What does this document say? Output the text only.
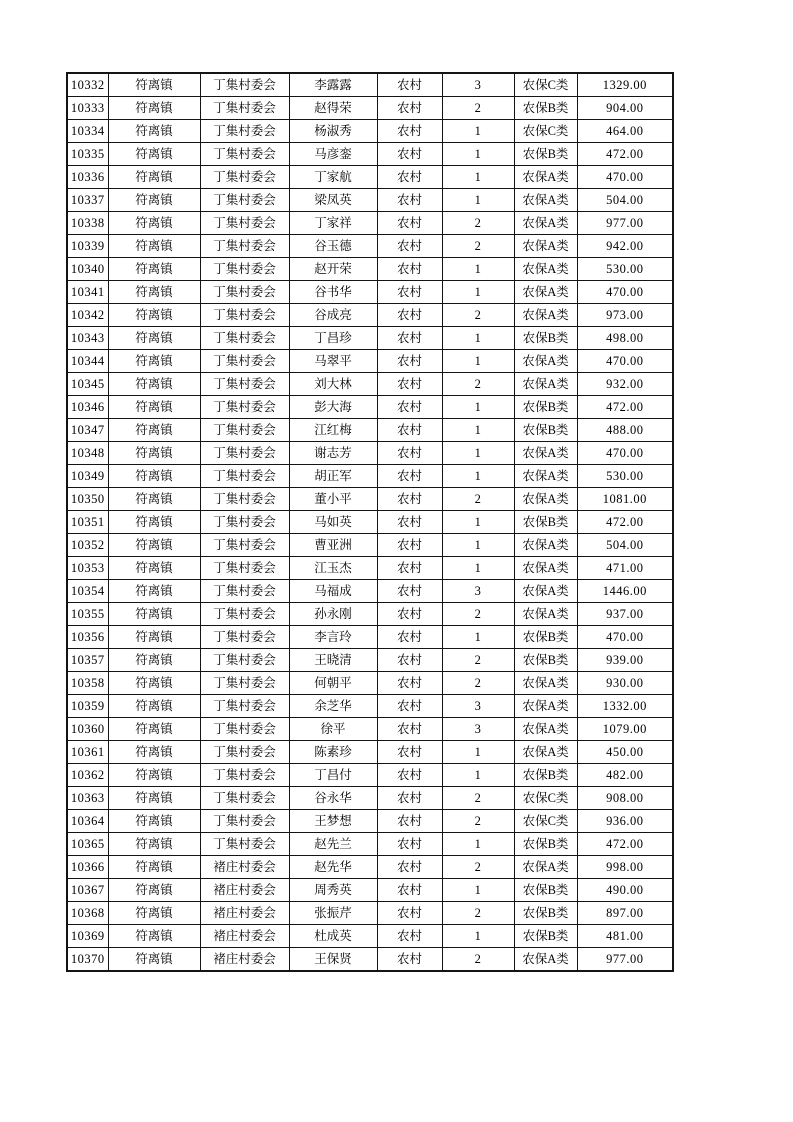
10332	符离镇	丁集村委会	李露露	农村	3	农保C类	1329.00
10333	符离镇	丁集村委会	赵得荣	农村	2	农保B类	904.00
10334	符离镇	丁集村委会	杨淑秀	农村	1	农保C类	464.00
10335	符离镇	丁集村委会	马彦銮	农村	1	农保B类	472.00
10336	符离镇	丁集村委会	丁家航	农村	1	农保A类	470.00
10337	符离镇	丁集村委会	梁凤英	农村	1	农保A类	504.00
10338	符离镇	丁集村委会	丁家祥	农村	2	农保A类	977.00
10339	符离镇	丁集村委会	谷玉德	农村	2	农保A类	942.00
10340	符离镇	丁集村委会	赵开荣	农村	1	农保A类	530.00
10341	符离镇	丁集村委会	谷书华	农村	1	农保A类	470.00
10342	符离镇	丁集村委会	谷成亮	农村	2	农保A类	973.00
10343	符离镇	丁集村委会	丁昌珍	农村	1	农保B类	498.00
10344	符离镇	丁集村委会	马翠平	农村	1	农保A类	470.00
10345	符离镇	丁集村委会	刘大林	农村	2	农保A类	932.00
10346	符离镇	丁集村委会	彭大海	农村	1	农保B类	472.00
10347	符离镇	丁集村委会	江红梅	农村	1	农保B类	488.00
10348	符离镇	丁集村委会	谢志芳	农村	1	农保A类	470.00
10349	符离镇	丁集村委会	胡正军	农村	1	农保A类	530.00
10350	符离镇	丁集村委会	董小平	农村	2	农保A类	1081.00
10351	符离镇	丁集村委会	马如英	农村	1	农保B类	472.00
10352	符离镇	丁集村委会	曹亚洲	农村	1	农保A类	504.00
10353	符离镇	丁集村委会	江玉杰	农村	1	农保A类	471.00
10354	符离镇	丁集村委会	马福成	农村	3	农保A类	1446.00
10355	符离镇	丁集村委会	孙永刚	农村	2	农保A类	937.00
10356	符离镇	丁集村委会	李言玲	农村	1	农保B类	470.00
10357	符离镇	丁集村委会	王晓清	农村	2	农保B类	939.00
10358	符离镇	丁集村委会	何朝平	农村	2	农保A类	930.00
10359	符离镇	丁集村委会	余芝华	农村	3	农保A类	1332.00
10360	符离镇	丁集村委会	徐平	农村	3	农保A类	1079.00
10361	符离镇	丁集村委会	陈素珍	农村	1	农保A类	450.00
10362	符离镇	丁集村委会	丁昌付	农村	1	农保B类	482.00
10363	符离镇	丁集村委会	谷永华	农村	2	农保C类	908.00
10364	符离镇	丁集村委会	王梦想	农村	2	农保C类	936.00
10365	符离镇	丁集村委会	赵先兰	农村	1	农保B类	472.00
10366	符离镇	褚庄村委会	赵先华	农村	2	农保A类	998.00
10367	符离镇	褚庄村委会	周秀英	农村	1	农保B类	490.00
10368	符离镇	褚庄村委会	张振芹	农村	2	农保B类	897.00
10369	符离镇	褚庄村委会	杜成英	农村	1	农保B类	481.00
10370	符离镇	褚庄村委会	王保贤	农村	2	农保A类	977.00
